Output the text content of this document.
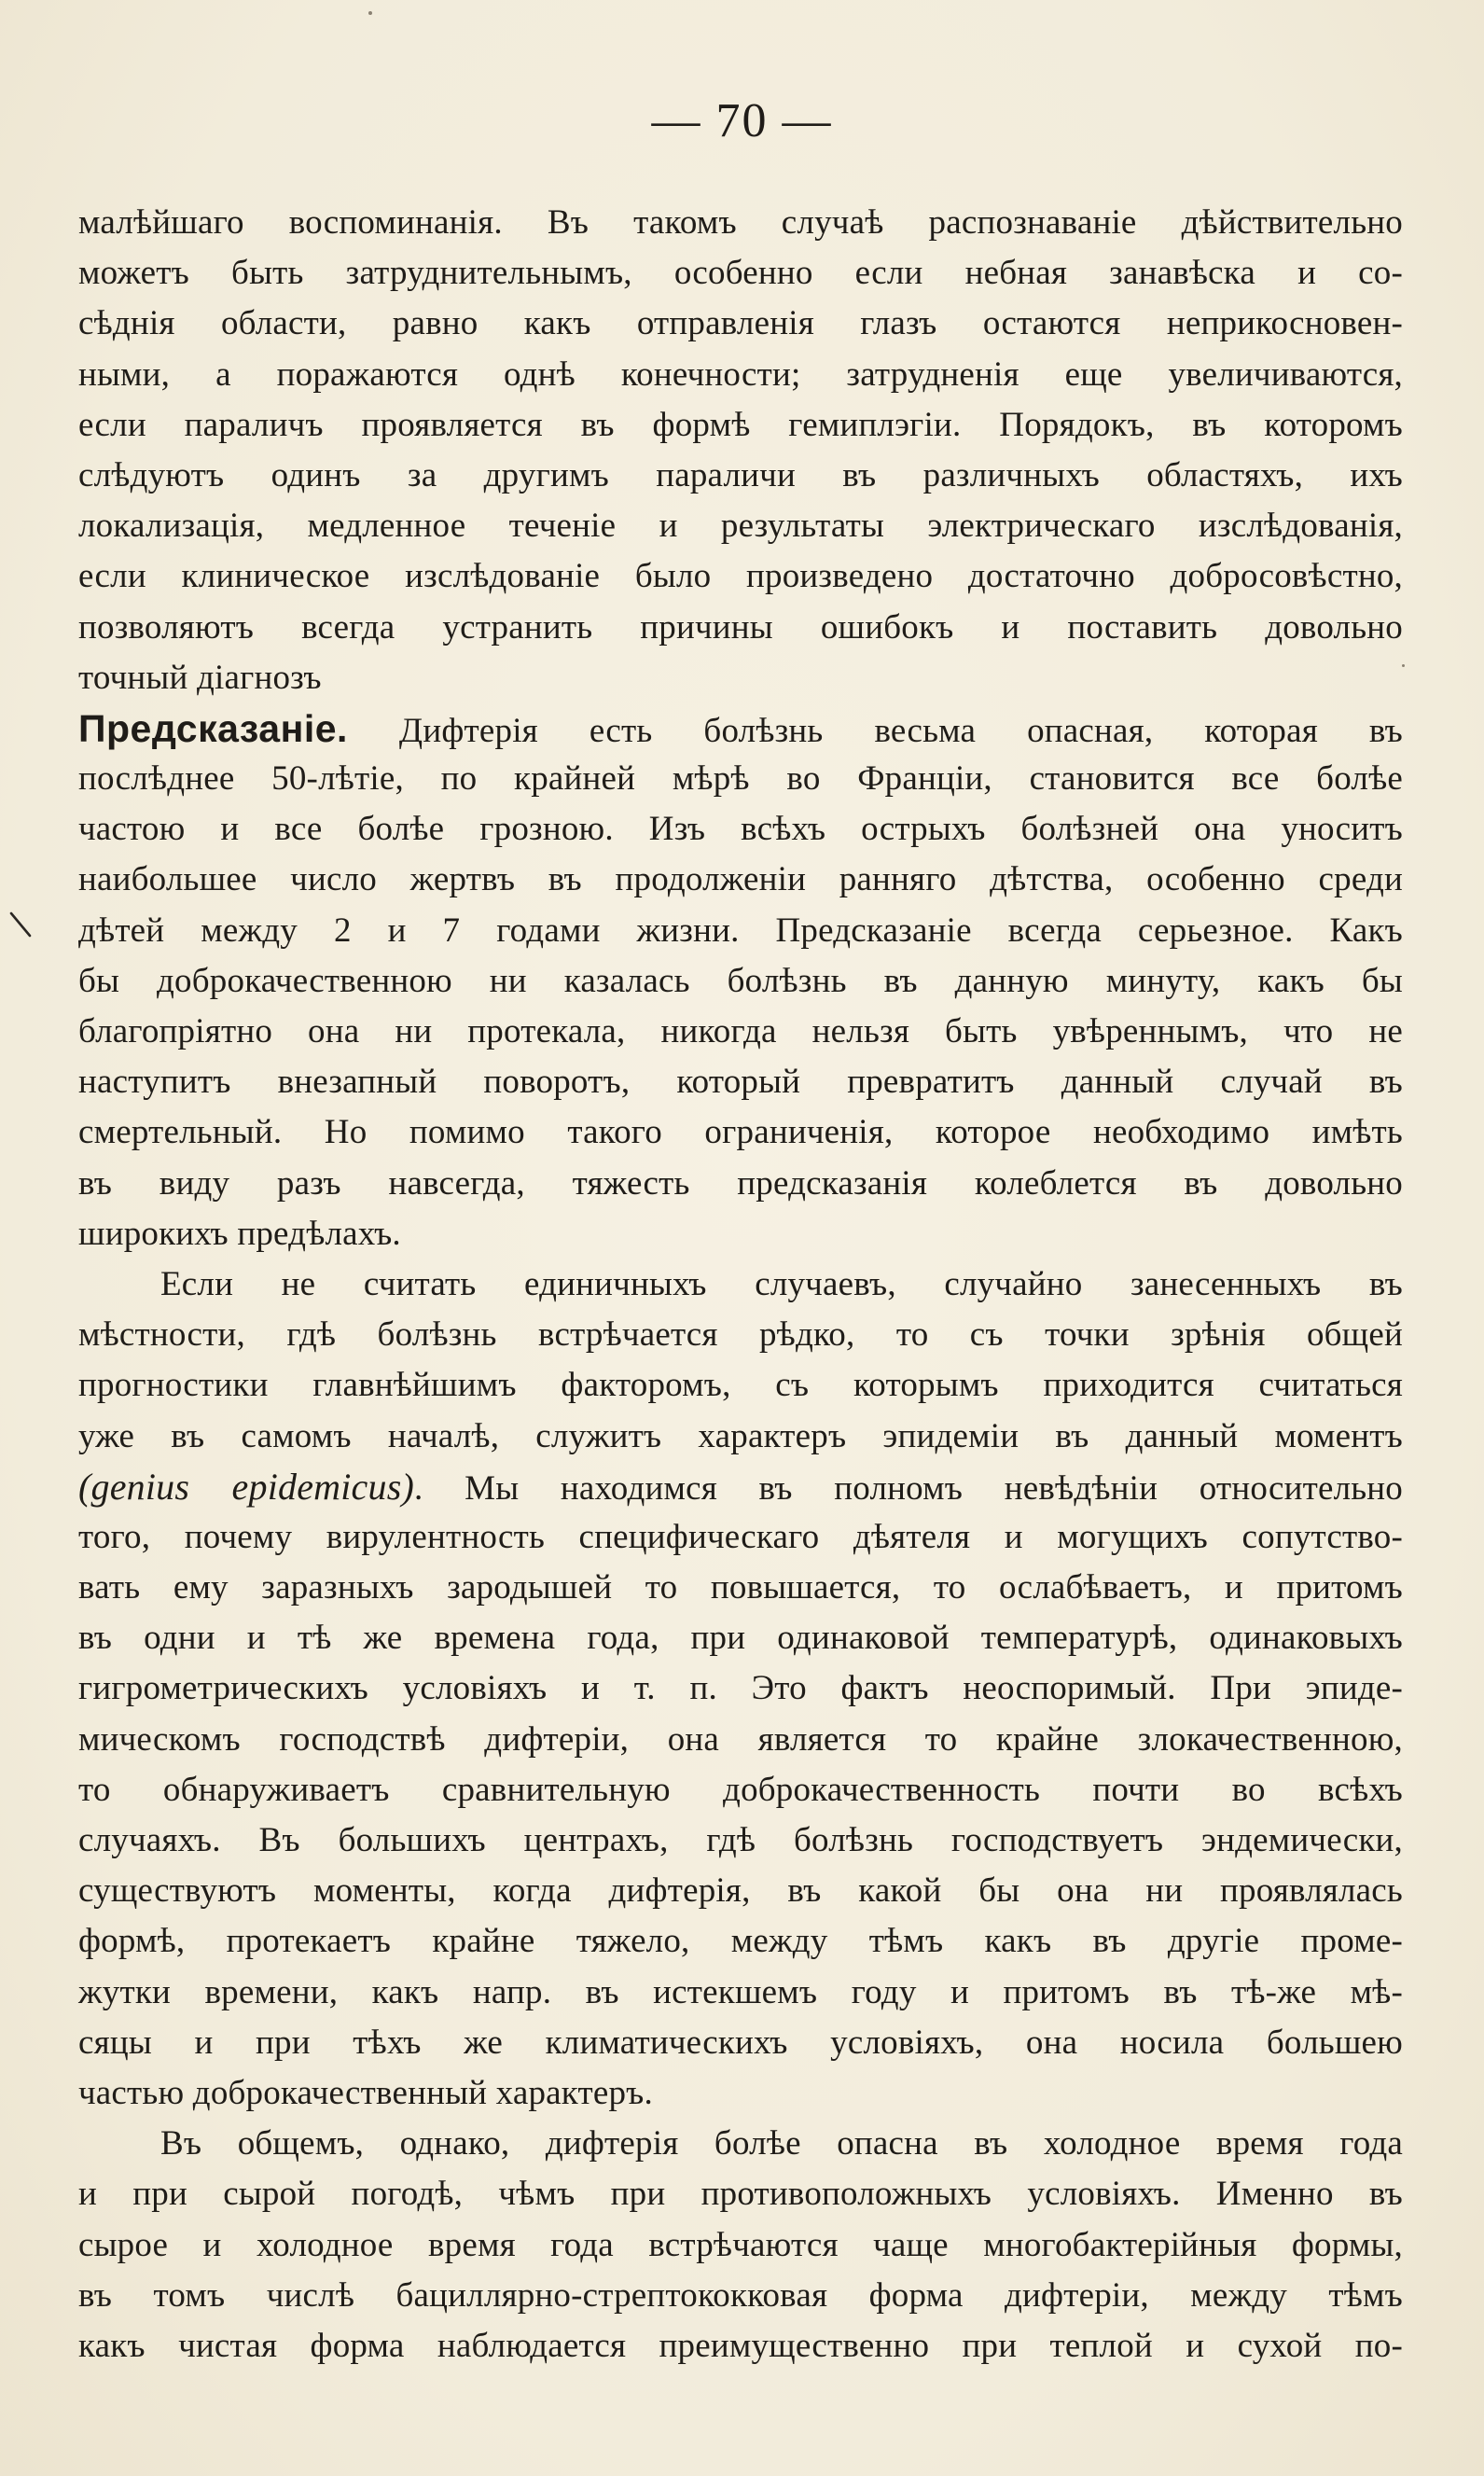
— 70 —
малѣйшаго воспоминанія. Въ такомъ случаѣ распознаваніе дѣйствительно
можетъ быть затруднительнымъ, особенно если небная занавѣска и со-
сѣднія области, равно какъ отправленія глазъ остаются неприкосновен-
ными, а поражаются однѣ конечности; затрудненія еще увеличиваются,
если параличъ проявляется въ формѣ гемиплэгіи. Порядокъ, въ которомъ
слѣдуютъ одинъ за другимъ параличи въ различныхъ областяхъ, ихъ
локализація, медленное теченіе и результаты электрическаго изслѣдованія,
если клиническое изслѣдованіе было произведено достаточно добросовѣстно,
позволяютъ всегда устранить причины ошибокъ и поставить довольно
точный діагнозъ
Предсказаніе. Дифтерія есть болѣзнь весьма опасная, которая въ
послѣднее 50-лѣтіе, по крайней мѣрѣ во Франціи, становится все болѣе
частою и все болѣе грозною. Изъ всѣхъ острыхъ болѣзней она уноситъ
наибольшее число жертвъ въ продолженіи ранняго дѣтства, особенно среди
дѣтей между 2 и 7 годами жизни. Предсказаніе всегда серьезное. Какъ
бы доброкачественною ни казалась болѣзнь въ данную минуту, какъ бы
благопріятно она ни протекала, никогда нельзя быть увѣреннымъ, что не
наступитъ внезапный поворотъ, который превратитъ данный случай въ
смертельный. Но помимо такого ограниченія, которое необходимо имѣть
въ виду разъ навсегда, тяжесть предсказанія колеблется въ довольно
широкихъ предѣлахъ.
Если не считать единичныхъ случаевъ, случайно занесенныхъ въ
мѣстности, гдѣ болѣзнь встрѣчается рѣдко, то съ точки зрѣнія общей
прогностики главнѣйшимъ факторомъ, съ которымъ приходится считаться
уже въ самомъ началѣ, служитъ характеръ эпидеміи въ данный моментъ
(genius epidemicus). Мы находимся въ полномъ невѣдѣніи относительно
того, почему вирулентность специфическаго дѣятеля и могущихъ сопутство-
вать ему заразныхъ зародышей то повышается, то ослабѣваетъ, и притомъ
въ одни и тѣ же времена года, при одинаковой температурѣ, одинаковыхъ
гигрометрическихъ условіяхъ и т. п. Это фактъ неоспоримый. При эпиде-
мическомъ господствѣ дифтеріи, она является то крайне злокачественною,
то обнаруживаетъ сравнительную доброкачественность почти во всѣхъ
случаяхъ. Въ большихъ центрахъ, гдѣ болѣзнь господствуетъ эндемически,
существуютъ моменты, когда дифтерія, въ какой бы она ни проявлялась
формѣ, протекаетъ крайне тяжело, между тѣмъ какъ въ другіе проме-
жутки времени, какъ напр. въ истекшемъ году и притомъ въ тѣ-же мѣ-
сяцы и при тѣхъ же климатическихъ условіяхъ, она носила большею
частью доброкачественный характеръ.
Въ общемъ, однако, дифтерія болѣе опасна въ холодное время года
и при сырой погодѣ, чѣмъ при противоположныхъ условіяхъ. Именно въ
сырое и холодное время года встрѣчаются чаще многобактерійныя формы,
въ томъ числѣ бациллярно-стрептококковая форма дифтеріи, между тѣмъ
какъ чистая форма наблюдается преимущественно при теплой и сухой по-
